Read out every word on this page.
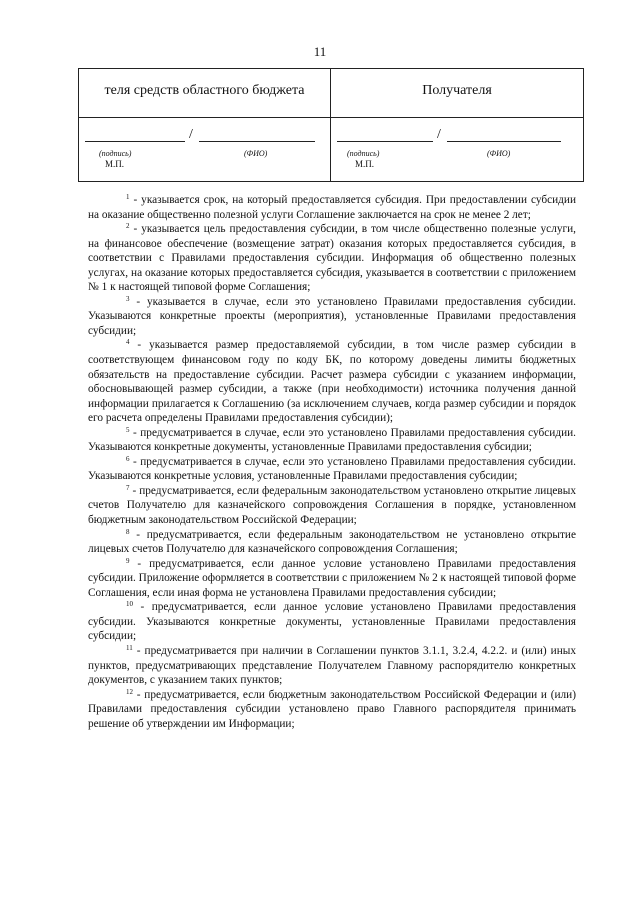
11
теля средств областного бюджета	Получателя
/
(подпись)	(ФИО)
М.П.
/
(подпись)	(ФИО)
М.П.

$^1$ - указывается срок, на который предоставляется субсидия. При предоставлении субсидии на оказание общественно полезной услуги Соглашение заключается на срок не менее 2 лет;

$^2$ - указывается цель предоставления субсидии, в том числе общественно полезные услуги, на финансовое обеспечение (возмещение затрат) оказания которых предоставляется субсидия, в соответствии с Правилами предоставления субсидии. Информация об общественно полезных услугах, на оказание которых предоставляется субсидия, указывается в соответствии с приложением № 1 к настоящей типовой форме Соглашения;

$^3$ - указывается в случае, если это установлено Правилами предоставления субсидии. Указываются конкретные проекты (мероприятия), установленные Правилами предоставления субсидии;

$^4$ - указывается размер предоставляемой субсидии, в том числе размер субсидии в соответствующем финансовом году по коду БК, по которому доведены лимиты бюджетных обязательств на предоставление субсидии. Расчет размера субсидии с указанием информации, обосновывающей размер субсидии, а также (при необходимости) источника получения данной информации прилагается к Соглашению (за исключением случаев, когда размер субсидии и порядок его расчета определены Правилами предоставления субсидии);

$^5$ - предусматривается в случае, если это установлено Правилами предоставления субсидии. Указываются конкретные документы, установленные Правилами предоставления субсидии;

$^6$ - предусматривается в случае, если это установлено Правилами предоставления субсидии. Указываются конкретные условия, установленные Правилами предоставления субсидии;

$^7$ - предусматривается, если федеральным законодательством установлено открытие лицевых счетов Получателю для казначейского сопровождения Соглашения в порядке, установленном бюджетным законодательством Российской Федерации;

$^8$ - предусматривается, если федеральным законодательством не установлено открытие лицевых счетов Получателю для казначейского сопровождения Соглашения;

$^9$ - предусматривается, если данное условие установлено Правилами предоставления субсидии. Приложение оформляется в соответствии с приложением № 2 к настоящей типовой форме Соглашения, если иная форма не установлена Правилами предоставления субсидии;

$^{10}$ - предусматривается, если данное условие установлено Правилами предоставления субсидии. Указываются конкретные документы, установленные Правилами предоставления субсидии;

$^{11}$ - предусматривается при наличии в Соглашении пунктов 3.1.1, 3.2.4, 4.2.2. и (или) иных пунктов, предусматривающих представление Получателем Главному распорядителю конкретных документов, с указанием таких пунктов;

$^{12}$ - предусматривается, если бюджетным законодательством Российской Федерации и (или) Правилами предоставления субсидии установлено право Главного распорядителя принимать решение об утверждении им Информации;
